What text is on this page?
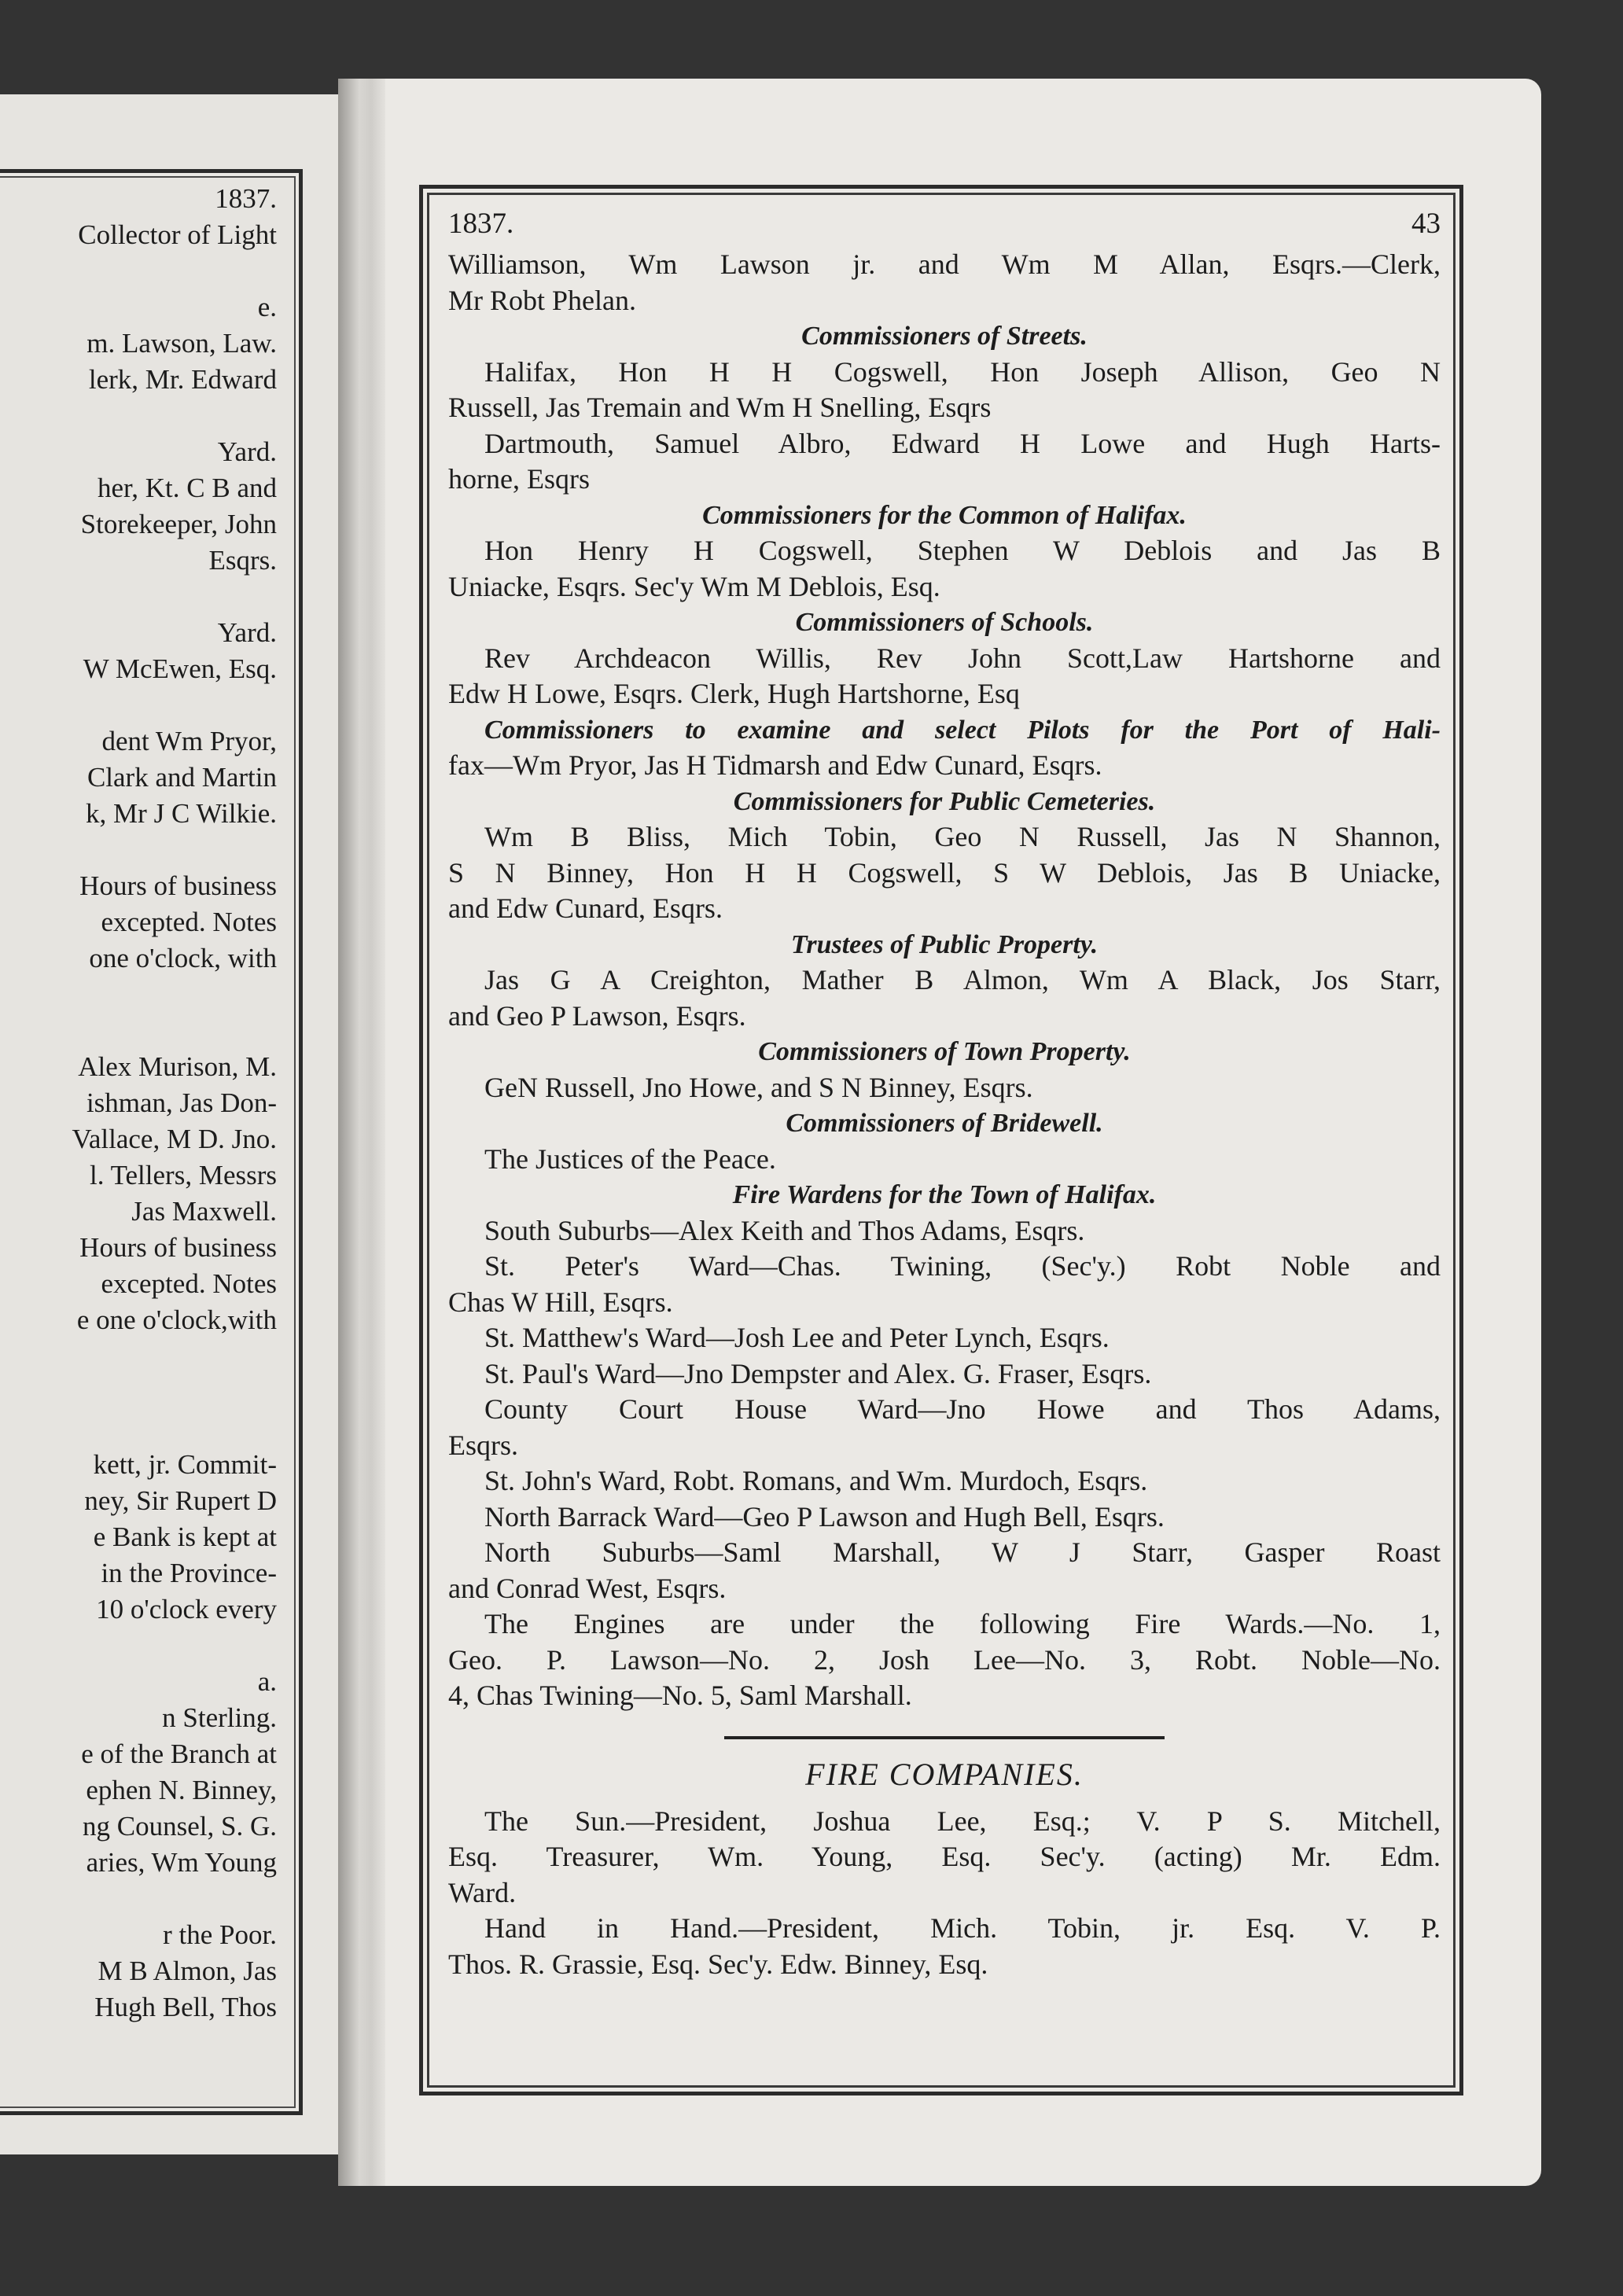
1837.
Collector of Light
e.
m. Lawson, Law.
lerk, Mr. Edward
Yard.
her, Kt. C B and
Storekeeper, John
Esqrs.
Yard.
W McEwen, Esq.
dent Wm Pryor,
Clark and Martin
k, Mr J C Wilkie.
Hours of business
excepted. Notes
one o'clock, with
Alex Murison, M.
ishman, Jas Don-
Vallace, M D. Jno.
l. Tellers, Messrs
Jas Maxwell.
Hours of business
excepted. Notes
e one o'clock,with
kett, jr. Commit-
ney, Sir Rupert D
e Bank is kept at
in the Province-
10 o'clock every
a.
n Sterling.
e of the Branch at
ephen N. Binney,
ng Counsel, S. G.
aries, Wm Young
r the Poor.
M B Almon, Jas
Hugh Bell, Thos
1837.	43
Williamson, Wm Lawson jr. and Wm M Allan, Esqrs.—Clerk,
Mr Robt Phelan.
Commissioners of Streets.
Halifax, Hon H H Cogswell, Hon Joseph Allison, Geo N
Russell, Jas Tremain and Wm H Snelling, Esqrs
Dartmouth, Samuel Albro, Edward H Lowe and Hugh Harts-
horne, Esqrs
Commissioners for the Common of Halifax.
Hon Henry H Cogswell, Stephen W Deblois and Jas B
Uniacke, Esqrs. Sec'y Wm M Deblois, Esq.
Commissioners of Schools.
Rev Archdeacon Willis, Rev John Scott,Law Hartshorne and
Edw H Lowe, Esqrs. Clerk, Hugh Hartshorne, Esq
Commissioners to examine and select Pilots for the Port of Hali-
fax—Wm Pryor, Jas H Tidmarsh and Edw Cunard, Esqrs.
Commissioners for Public Cemeteries.
Wm B Bliss, Mich Tobin, Geo N Russell, Jas N Shannon,
S N Binney, Hon H H Cogswell, S W Deblois, Jas B Uniacke,
and Edw Cunard, Esqrs.
Trustees of Public Property.
Jas G A Creighton, Mather B Almon, Wm A Black, Jos Starr,
and Geo P Lawson, Esqrs.
Commissioners of Town Property.
GeN Russell, Jno Howe, and S N Binney, Esqrs.
Commissioners of Bridewell.
The Justices of the Peace.
Fire Wardens for the Town of Halifax.
South Suburbs—Alex Keith and Thos Adams, Esqrs.
St. Peter's Ward—Chas. Twining, (Sec'y.) Robt Noble and
Chas W Hill, Esqrs.
St. Matthew's Ward—Josh Lee and Peter Lynch, Esqrs.
St. Paul's Ward—Jno Dempster and Alex. G. Fraser, Esqrs.
County Court House Ward—Jno Howe and Thos Adams,
Esqrs.
St. John's Ward, Robt. Romans, and Wm. Murdoch, Esqrs.
North Barrack Ward—Geo P Lawson and Hugh Bell, Esqrs.
North Suburbs—Saml Marshall, W J Starr, Gasper Roast
and Conrad West, Esqrs.
The Engines are under the following Fire Wards.—No. 1,
Geo. P. Lawson—No. 2, Josh Lee—No. 3, Robt. Noble—No.
4, Chas Twining—No. 5, Saml Marshall.
FIRE COMPANIES.
The Sun.—President, Joshua Lee, Esq.; V. P S. Mitchell,
Esq. Treasurer, Wm. Young, Esq. Sec'y. (acting) Mr. Edm.
Ward.
Hand in Hand.—President, Mich. Tobin, jr. Esq. V. P.
Thos. R. Grassie, Esq. Sec'y. Edw. Binney, Esq.
